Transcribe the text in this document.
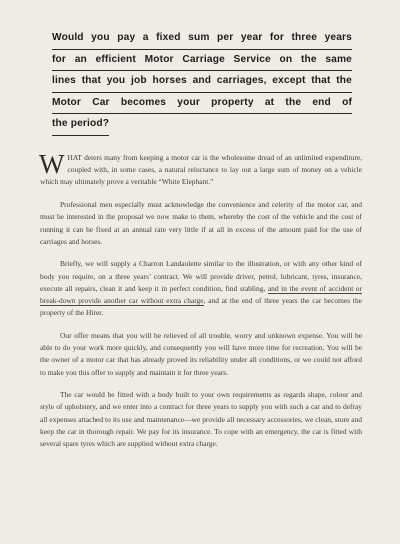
Would you pay a fixed sum per year for three years
for an efficient Motor Carriage Service on the same
lines that you job horses and carriages, except that the
Motor Car becomes your property at the end of
the period?

WHAT deters many from keeping a motor car is the wholesome dread of an unlimited expenditure, coupled with, in some cases, a natural reluctance to lay out a large sum of money on a vehicle which may ultimately prove a veritable “White Elephant.”

Professional men especially must acknowledge the convenience and celerity of the motor car, and must be interested in the proposal we now make to them, whereby the cost of the vehicle and the cost of running it can be fixed at an annual rate very little if at all in excess of the amount paid for the use of carriages and horses.

Briefly, we will supply a Charron Landaulette similar to the illustration, or with any other kind of body you require, on a three years’ contract. We will provide driver, petrol, lubricant, tyres, insurance, execute all repairs, clean it and keep it in perfect condition, find stabling, and in the event of accident or break-down provide another car without extra charge, and at the end of three years the car becomes the property of the Hirer.

Our offer means that you will be relieved of all trouble, worry and unknown expense. You will be able to do your work more quickly, and consequently you will have more time for recreation. You will be the owner of a motor car that has already proved its reliability under all conditions, or we could not afford to make you this offer to supply and maintain it for three years.

The car would be fitted with a body built to your own requirements as regards shape, colour and style of upholstery, and we enter into a contract for three years to supply you with such a car and to defray all expenses attached to its use and maintenance—we provide all necessary accessories, we clean, store and keep the car in thorough repair. We pay for its insurance. To cope with an emergency, the car is fitted with several spare tyres which are supplied without extra charge.
